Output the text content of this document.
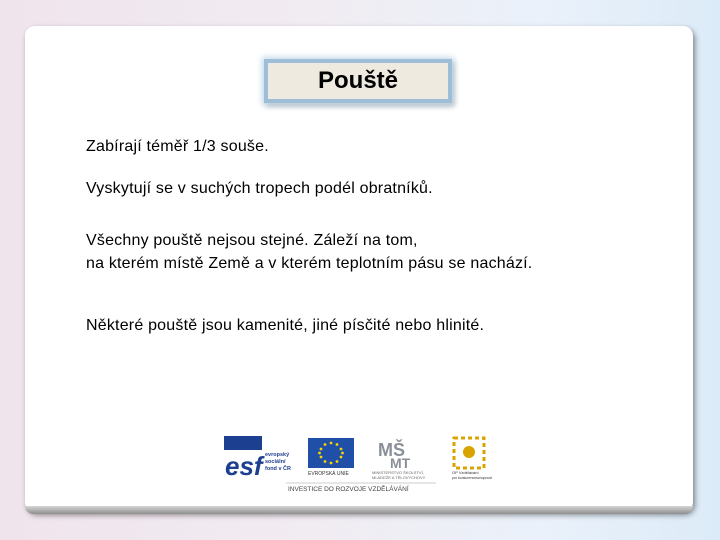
Pouště
Zabírají téměř 1/3 souše.
Vyskytují se v suchých tropech podél obratníků.
Všechny pouště nejsou stejné. Záleží na tom,
na kterém místě Země a v kterém teplotním pásu se nachází.
Některé pouště jsou kamenité, jiné písčité nebo hlinité.
esf evropský
sociální
fond v ČR
EVROPSKÁ UNIE
MŠ
MT
MINISTERSTVO ŠKOLSTVÍ,
MLÁDEŽE A TĚLOVÝCHOVY
OP Vzdělávání
pro konkurenceschopnost
INVESTICE DO ROZVOJE VZDĚLÁVÁNÍ
